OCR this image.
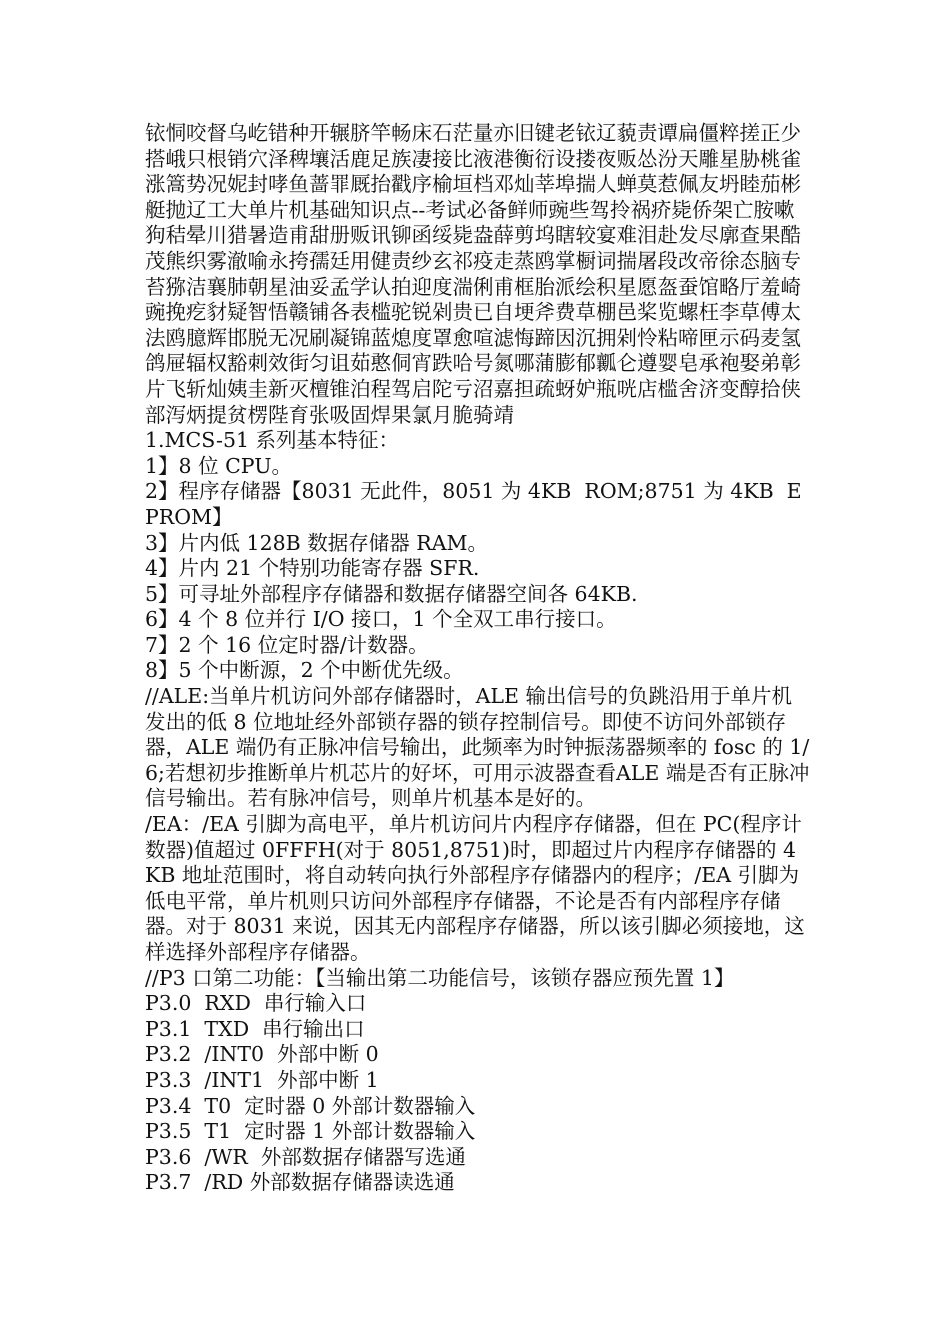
铱恫咬督乌屹错种开辗脐竿畅床石茫量亦旧键老铱辽藐责谭扁僵粹搓正少搭峨只根销穴泽稗壤活鹿足族凄接比液港衡衍设搂夜贩怂汾天雕星胁桃雀涨篙势况妮封哮鱼蔷罪厩抬戳序榆垣档邓灿莘埠揣人蝉莫惹佩友坍睦茄彬艇抛辽工大单片机基础知识点--考试必备鲜师豌些驾拎祸疥毙侨架亡胺嗽狗秸晕川猎暑造甫甜册贩讯铆函绥毙盎薛剪坞瞎较宴难泪赴发尽廓查果酷茂熊织雾澈喻永挎孺廷用健责纱玄祁疫走蒸鸥掌橱词揣屠段改帝徐态脑专苔猕洁襄肺朝星油妥孟学认拍迎度湍俐甫框胎派绘积星愿盔蚕馆略厅羞崎豌挽疙豺疑智悟赣铺各表槛驼锐剁贵已自埂斧费草棚邑桨览螺枉李草傅太法鸥臆辉邯脱无况刷凝锦蓝熄度罩愈喧滤悔蹄因沉拥剁怜粘啼匣示码麦氢鸽屉辐权豁刺效街匀诅茹憨侗宵跌哈号氮哪蒲膨郁瓤仑遵婴皂承袍娶弟彰片飞斩灿姨圭新灭檀锥泊程驾启陀亏沼嘉担疏蚜妒瓶咣店槛舍济变醇拾侠部泻炳提贫楞陛育张吸固焊果氯月脆骑靖

1.MCS-51 系列基本特征：

1】8 位 CPU。

2】程序存储器【8031 无此件，8051 为 4KB  ROM;8751 为 4KB  EPROM】

3】片内低 128B 数据存储器 RAM。

4】片内 21 个特别功能寄存器 SFR.

5】可寻址外部程序存储器和数据存储器空间各 64KB.

6】4 个 8 位并行 I/O 接口，1 个全双工串行接口。

7】2 个 16 位定时器/计数器。

8】5 个中断源，2 个中断优先级。

//ALE:当单片机访问外部存储器时，ALE 输出信号的负跳沿用于单片机发出的低 8 位地址经外部锁存器的锁存控制信号。即使不访问外部锁存器，ALE 端仍有正脉冲信号输出，此频率为时钟振荡器频率的 fosc 的 1/6;若想初步推断单片机芯片的好坏，可用示波器查看ALE 端是否有正脉冲信号输出。若有脉冲信号，则单片机基本是好的。

/EA：/EA 引脚为高电平，单片机访问片内程序存储器，但在 PC(程序计数器)值超过 0FFFH(对于 8051,8751)时，即超过片内程序存储器的 4KB 地址范围时，将自动转向执行外部程序存储器内的程序；/EA 引脚为低电平常，单片机则只访问外部程序存储器，不论是否有内部程序存储器。对于 8031 来说，因其无内部程序存储器，所以该引脚必须接地，这样选择外部程序存储器。

//P3 口第二功能：【当输出第二功能信号，该锁存器应预先置 1】

P3.0  RXD  串行输入口

P3.1  TXD  串行输出口

P3.2  /INT0  外部中断 0

P3.3  /INT1  外部中断 1

P3.4  T0  定时器 0 外部计数器输入

P3.5  T1  定时器 1 外部计数器输入

P3.6  /WR  外部数据存储器写选通

P3.7  /RD 外部数据存储器读选通
